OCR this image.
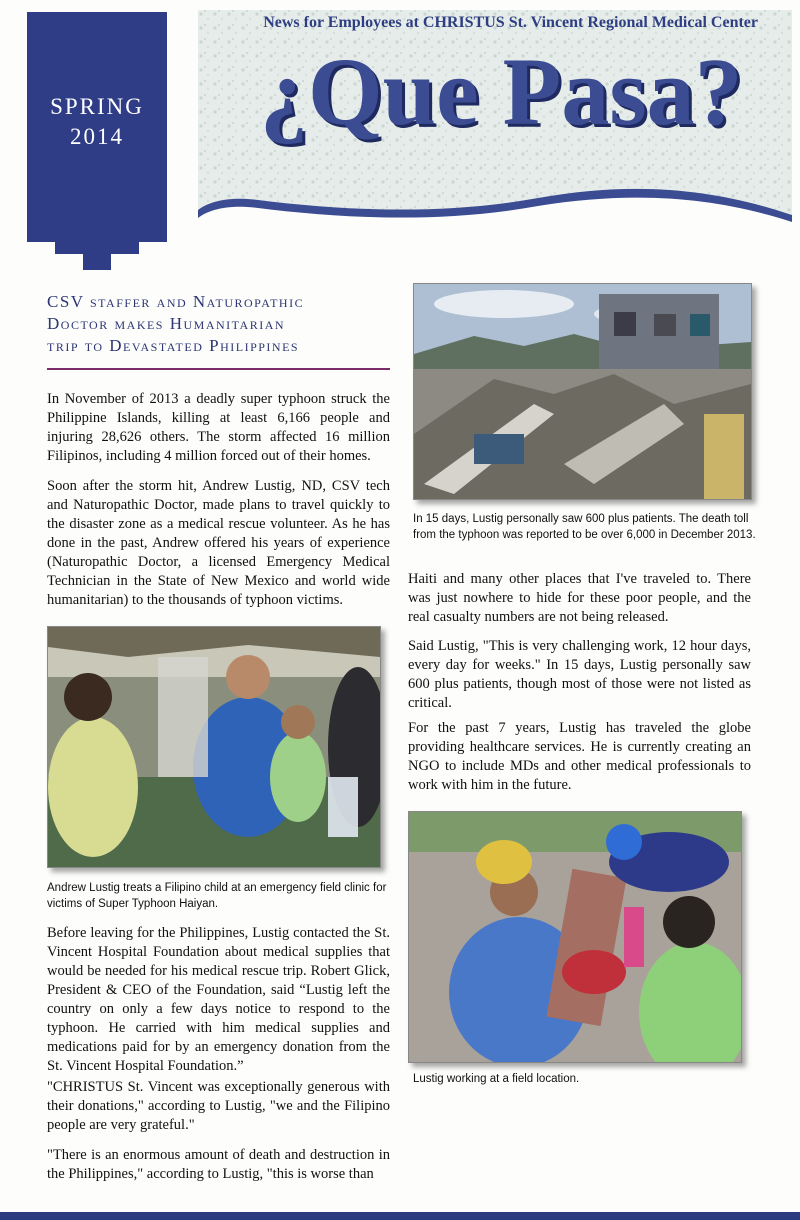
SPRING
2014
News for Employees at CHRISTUS St. Vincent Regional Medical Center
¿Que Pasa?
CSV staffer and Naturopathic
Doctor makes Humanitarian
trip to Devastated Philippines

In November of 2013 a deadly super typhoon struck the Philippine Islands, killing at least 6,166 people and injuring 28,626 others. The storm affected 16 million Filipinos, including 4 million forced out of their homes.

Soon after the storm hit, Andrew Lustig, ND, CSV tech and Naturopathic Doctor, made plans to travel quickly to the disaster zone as a medical rescue volunteer. As he has done in the past, Andrew offered his years of experience (Naturopathic Doctor, a licensed Emergency Medical Technician in the State of New Mexico and world wide humanitarian) to the thousands of typhoon victims.

Andrew Lustig treats a Filipino child at an emergency field clinic for victims of Super Typhoon Haiyan.

Before leaving for the Philippines, Lustig contacted the St. Vincent Hospital Foundation about medical supplies that would be needed for his medical rescue trip. Robert Glick, President & CEO of the Foundation, said “Lustig left the country on only a few days notice to respond to the typhoon. He carried with him medical supplies and medications paid for by an emergency donation from the St. Vincent Hospital Foundation.”

"CHRISTUS St. Vincent was exceptionally generous with their donations," according to Lustig, "we and the Filipino people are very grateful."

"There is an enormous amount of death and destruction in the Philippines," according to Lustig, "this is worse than

In 15 days, Lustig personally saw 600 plus patients. The death toll from the typhoon was reported to be over 6,000 in December 2013.

Haiti and many other places that I've traveled to. There was just nowhere to hide for these poor people, and the real casualty numbers are not being released.

Said Lustig, "This is very challenging work, 12 hour days, every day for weeks." In 15 days, Lustig personally saw 600 plus patients, though most of those were not listed as critical.

For the past 7 years, Lustig has traveled the globe providing healthcare services. He is currently creating an NGO to include MDs and other medical professionals to work with him in the future.

Lustig working at a field location.
